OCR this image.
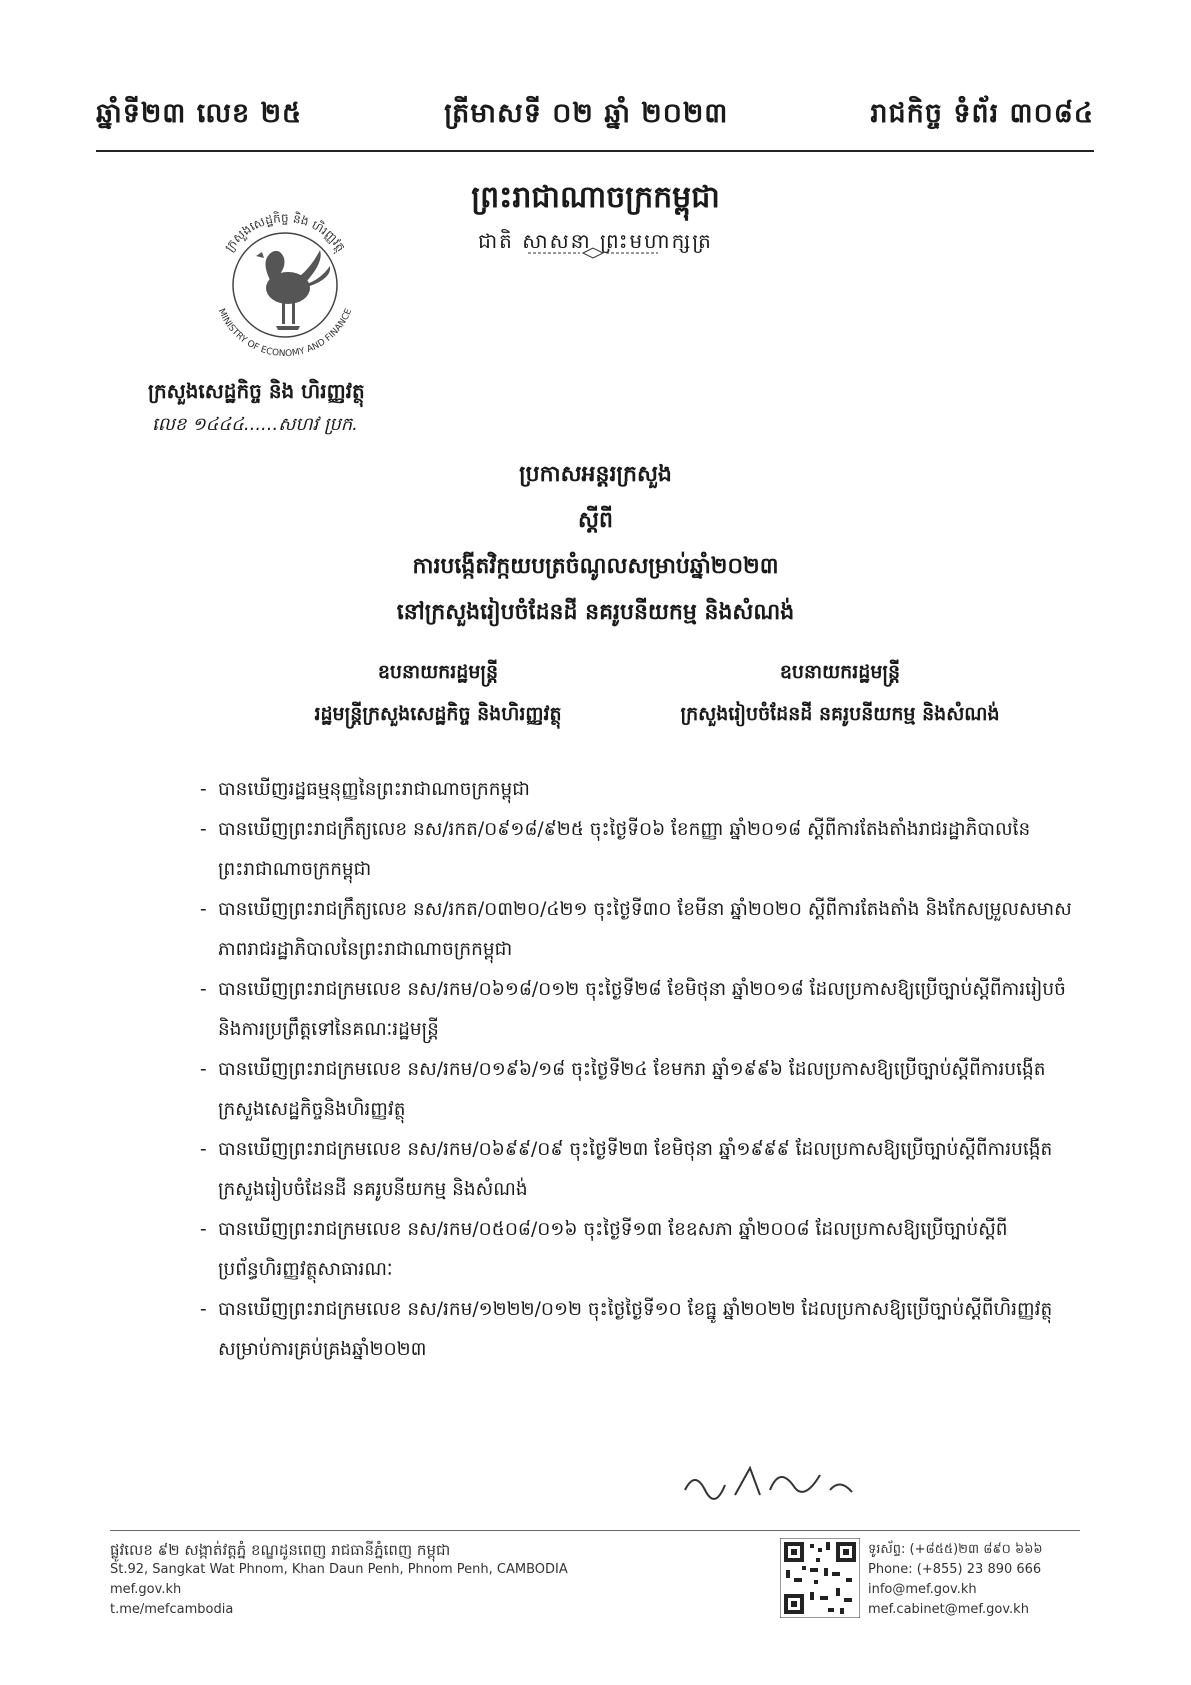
ឆ្នាំទី២៣ លេខ ២៥	ត្រីមាសទី ០២ ឆ្នាំ ២០២៣	រាជកិច្ច ទំព័រ ៣០៨៤
ព្រះរាជាណាចក្រកម្ពុជា
ជាតិ សាសនា ព្រះមហាក្សត្រ
ក្រសួងសេដ្ឋកិច្ច និង ហិរញ្ញវត្ថុ
MINISTRY OF ECONOMY AND FINANCE
ក្រសួងសេដ្ឋកិច្ច និង ហិរញ្ញវត្ថុ
លេខ ១៤៤៤......សហវ ប្រក.
ប្រកាសអន្តរក្រសួង
ស្តីពី
ការបង្កើតវិក្កយបត្រចំណូលសម្រាប់ឆ្នាំ២០២៣
នៅក្រសួងរៀបចំដែនដី នគរូបនីយកម្ម និងសំណង់
ឧបនាយករដ្ឋមន្ត្រី
រដ្ឋមន្ត្រីក្រសួងសេដ្ឋកិច្ច និងហិរញ្ញវត្ថុ
ឧបនាយករដ្ឋមន្ត្រី
ក្រសួងរៀបចំដែនដី នគរូបនីយកម្ម និងសំណង់
- បានឃើញរដ្ឋធម្មនុញ្ញនៃព្រះរាជាណាចក្រកម្ពុជា
- បានឃើញព្រះរាជក្រឹត្យលេខ នស/រកត/០៩១៨/៩២៥ ចុះថ្ងៃទី០៦ ខែកញ្ញា ឆ្នាំ២០១៨ ស្តីពីការតែងតាំងរាជរដ្ឋាភិបាលនៃព្រះរាជាណាចក្រកម្ពុជា
- បានឃើញព្រះរាជក្រឹត្យលេខ នស/រកត/០៣២០/៤២១ ចុះថ្ងៃទី៣០ ខែមីនា ឆ្នាំ២០២០ ស្តីពីការតែងតាំង និងកែសម្រួលសមាសភាពរាជរដ្ឋាភិបាលនៃព្រះរាជាណាចក្រកម្ពុជា
- បានឃើញព្រះរាជក្រមលេខ នស/រកម/០៦១៨/០១២ ចុះថ្ងៃទី២៨ ខែមិថុនា ឆ្នាំ២០១៨ ដែលប្រកាសឱ្យប្រើច្បាប់ស្តីពីការរៀបចំ និងការប្រព្រឹត្តទៅនៃគណៈរដ្ឋមន្ត្រី
- បានឃើញព្រះរាជក្រមលេខ នស/រកម/០១៩៦/១៨ ចុះថ្ងៃទី២៤ ខែមករា ឆ្នាំ១៩៩៦ ដែលប្រកាសឱ្យប្រើច្បាប់ស្តីពីការបង្កើតក្រសួងសេដ្ឋកិច្ចនិងហិរញ្ញវត្ថុ
- បានឃើញព្រះរាជក្រមលេខ នស/រកម/០៦៩៩/០៩ ចុះថ្ងៃទី២៣ ខែមិថុនា ឆ្នាំ១៩៩៩ ដែលប្រកាសឱ្យប្រើច្បាប់ស្តីពីការបង្កើតក្រសួងរៀបចំដែនដី នគរូបនីយកម្ម និងសំណង់
- បានឃើញព្រះរាជក្រមលេខ នស/រកម/០៥០៨/០១៦ ចុះថ្ងៃទី១៣ ខែឧសភា ឆ្នាំ២០០៨ ដែលប្រកាសឱ្យប្រើច្បាប់ស្តីពីប្រព័ន្ធហិរញ្ញវត្ថុសាធារណៈ
- បានឃើញព្រះរាជក្រមលេខ នស/រកម/១២២២/០១២ ចុះថ្ងៃថ្ងៃទី១០ ខែធ្នូ ឆ្នាំ២០២២ ដែលប្រកាសឱ្យប្រើច្បាប់ស្តីពីហិរញ្ញវត្ថុសម្រាប់ការគ្រប់គ្រងឆ្នាំ២០២៣
ផ្លូវលេខ ៩២ សង្កាត់វត្តភ្នំ ខណ្ឌដូនពេញ រាជធានីភ្នំពេញ កម្ពុជា
St.92, Sangkat Wat Phnom, Khan Daun Penh, Phnom Penh, CAMBODIA
mef.gov.kh
t.me/mefcambodia
ទូរស័ព្ទ: (+៨៥៥)២៣ ៨៩០ ៦៦៦
Phone: (+855) 23 890 666
info@mef.gov.kh
mef.cabinet@mef.gov.kh
